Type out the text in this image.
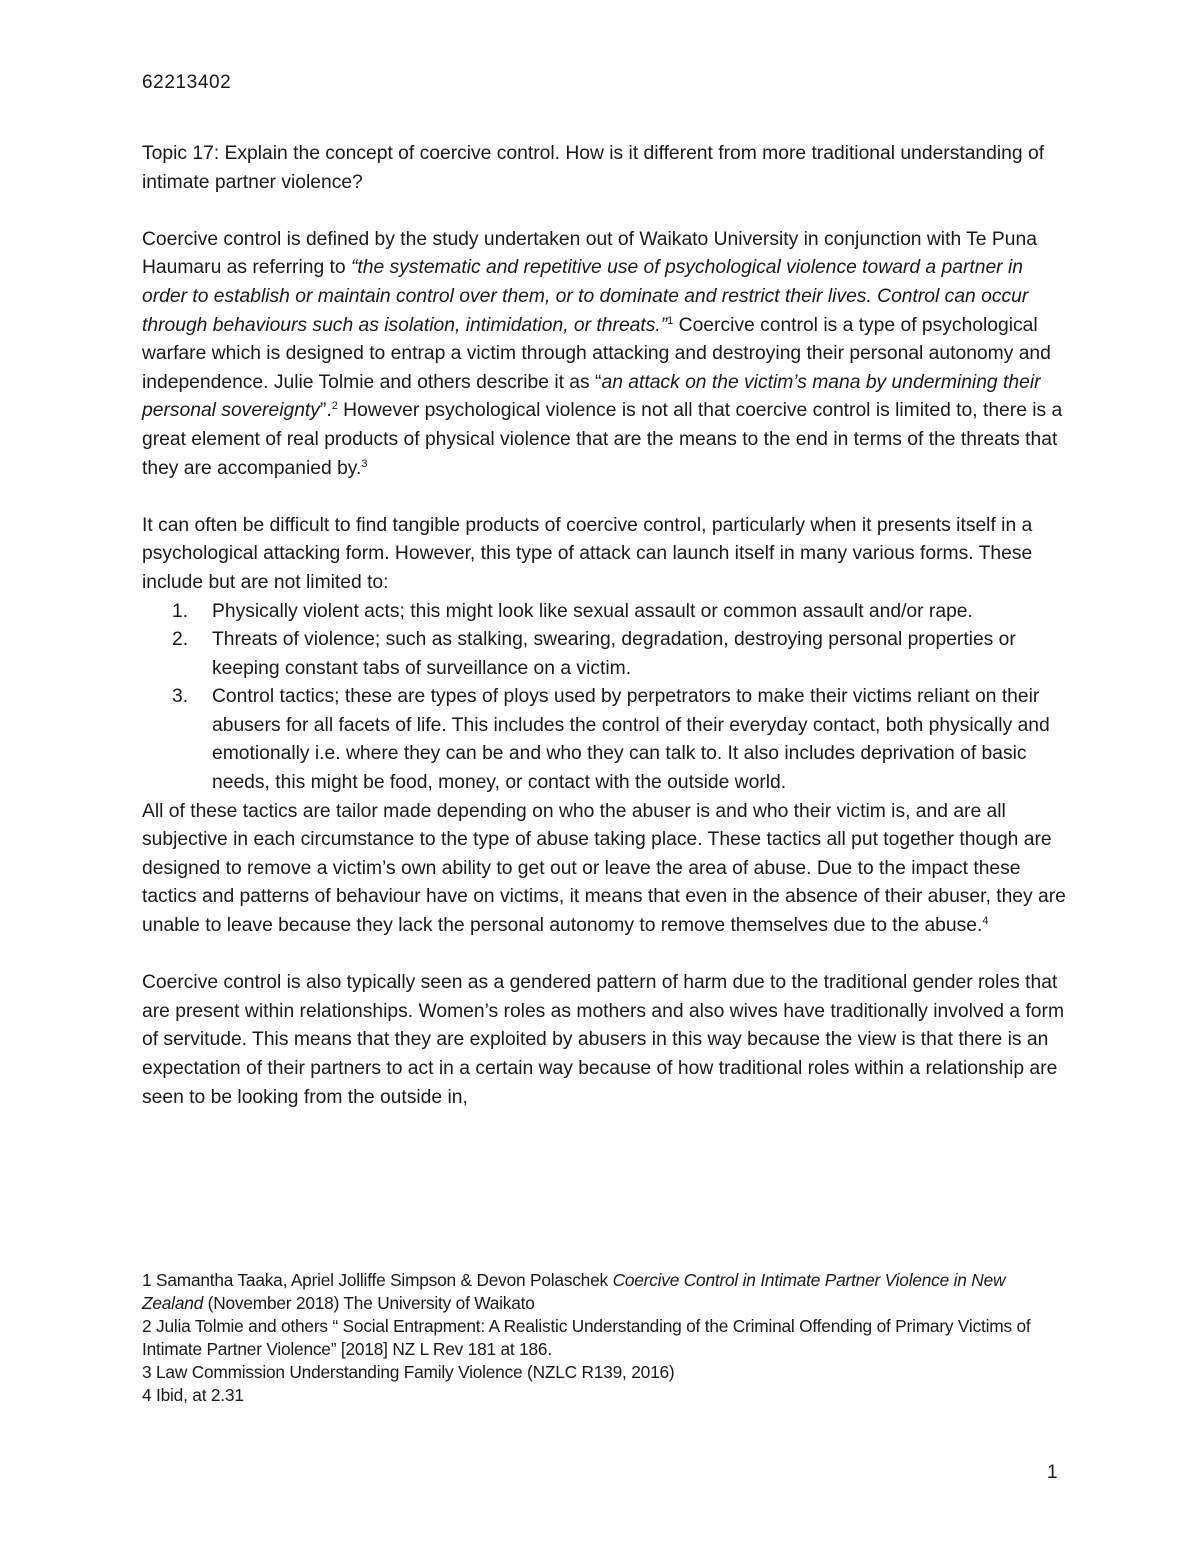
62213402

Topic 17: Explain the concept of coercive control. How is it different from more traditional understanding of intimate partner violence?

Coercive control is defined by the study undertaken out of Waikato University in conjunction with Te Puna Haumaru as referring to “the systematic and repetitive use of psychological violence toward a partner in order to establish or maintain control over them, or to dominate and restrict their lives. Control can occur through behaviours such as isolation, intimidation, or threats.”$^1$ Coercive control is a type of psychological warfare which is designed to entrap a victim through attacking and destroying their personal autonomy and independence. Julie Tolmie and others describe it as “an attack on the victim’s mana by undermining their personal sovereignty”.$^2$ However psychological violence is not all that coercive control is limited to, there is a great element of real products of physical violence that are the means to the end in terms of the threats that they are accompanied by.$^3$

It can often be difficult to find tangible products of coercive control, particularly when it presents itself in a psychological attacking form. However, this type of attack can launch itself in many various forms. These include but are not limited to:

1. Physically violent acts; this might look like sexual assault or common assault and/or rape.
2. Threats of violence; such as stalking, swearing, degradation, destroying personal properties or keeping constant tabs of surveillance on a victim.
3. Control tactics; these are types of ploys used by perpetrators to make their victims reliant on their abusers for all facets of life. This includes the control of their everyday contact, both physically and emotionally i.e. where they can be and who they can talk to. It also includes deprivation of basic needs, this might be food, money, or contact with the outside world.

All of these tactics are tailor made depending on who the abuser is and who their victim is, and are all subjective in each circumstance to the type of abuse taking place. These tactics all put together though are designed to remove a victim’s own ability to get out or leave the area of abuse. Due to the impact these tactics and patterns of behaviour have on victims, it means that even in the absence of their abuser, they are unable to leave because they lack the personal autonomy to remove themselves due to the abuse.$^4$

Coercive control is also typically seen as a gendered pattern of harm due to the traditional gender roles that are present within relationships. Women’s roles as mothers and also wives have traditionally involved a form of servitude. This means that they are exploited by abusers in this way because the view is that there is an expectation of their partners to act in a certain way because of how traditional roles within a relationship are seen to be looking from the outside in,

1 Samantha Taaka, Apriel Jolliffe Simpson & Devon Polaschek Coercive Control in Intimate Partner Violence in New Zealand (November 2018) The University of Waikato

2 Julia Tolmie and others “ Social Entrapment: A Realistic Understanding of the Criminal Offending of Primary Victims of Intimate Partner Violence” [2018] NZ L Rev 181 at 186.

3 Law Commission Understanding Family Violence (NZLC R139, 2016)

4 Ibid, at 2.31

1
